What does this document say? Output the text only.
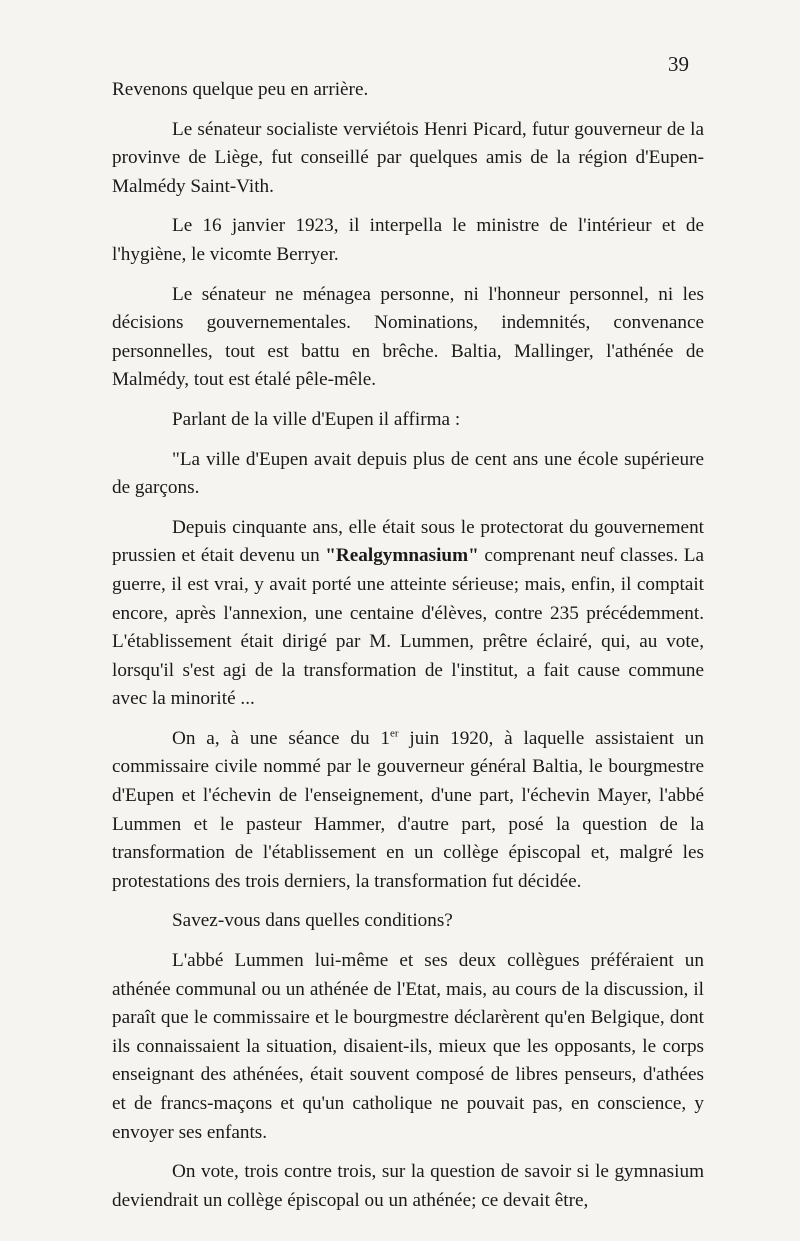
39

Revenons quelque peu en arrière.

Le sénateur socialiste verviétois Henri Picard, futur gouverneur de la provinve de Liège, fut conseillé par quelques amis de la région d'Eupen-Malmédy Saint-Vith.

Le 16 janvier 1923, il interpella le ministre de l'intérieur et de l'hygiène, le vicomte Berryer.

Le sénateur ne ménagea personne, ni l'honneur personnel, ni les décisions gouvernementales. Nominations, indemnités, convenance personnelles, tout est battu en brêche. Baltia, Mallinger, l'athénée de Malmédy, tout est étalé pêle-mêle.

Parlant de la ville d'Eupen il affirma :

"La ville d'Eupen avait depuis plus de cent ans une école supérieure de garçons.

Depuis cinquante ans, elle était sous le protectorat du gouvernement prussien et était devenu un "Realgymnasium" comprenant neuf classes. La guerre, il est vrai, y avait porté une atteinte sérieuse; mais, enfin, il comptait encore, après l'annexion, une centaine d'élèves, contre 235 précédemment. L'établissement était dirigé par M. Lummen, prêtre éclairé, qui, au vote, lorsqu'il s'est agi de la transformation de l'institut, a fait cause commune avec la minorité ...

On a, à une séance du 1er juin 1920, à laquelle assistaient un commissaire civile nommé par le gouverneur général Baltia, le bourgmestre d'Eupen et l'échevin de l'enseignement, d'une part, l'échevin Mayer, l'abbé Lummen et le pasteur Hammer, d'autre part, posé la question de la transformation de l'établissement en un collège épiscopal et, malgré les protestations des trois derniers, la transformation fut décidée.

Savez-vous dans quelles conditions?

L'abbé Lummen lui-même et ses deux collègues préféraient un athénée communal ou un athénée de l'Etat, mais, au cours de la discussion, il paraît que le commissaire et le bourgmestre déclarèrent qu'en Belgique, dont ils connaissaient la situation, disaient-ils, mieux que les opposants, le corps enseignant des athénées, était souvent composé de libres penseurs, d'athées et de francs-maçons et qu'un catholique ne pouvait pas, en conscience, y envoyer ses enfants.

On vote, trois contre trois, sur la question de savoir si le gymnasium deviendrait un collège épiscopal ou un athénée; ce devait être,
